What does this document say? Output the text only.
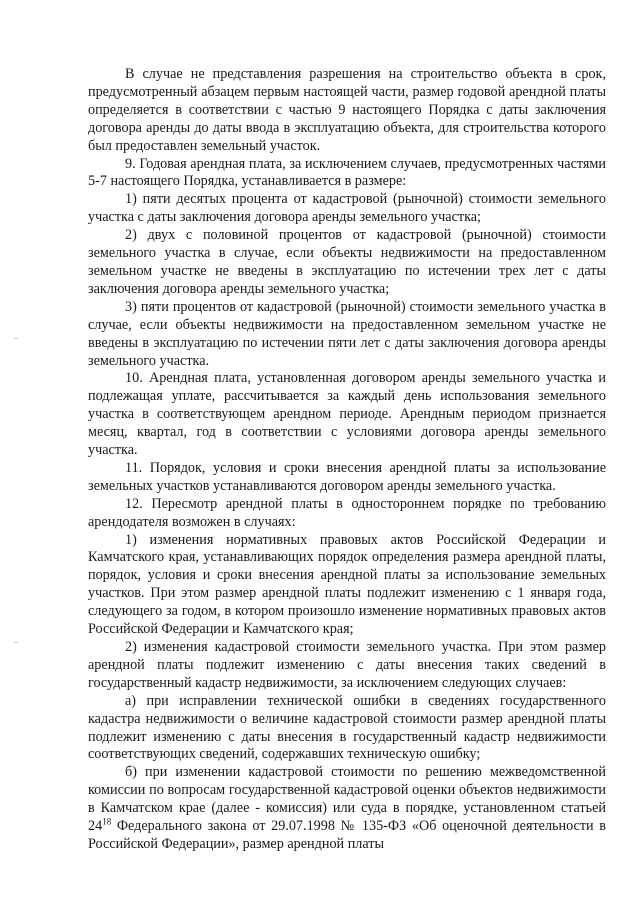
В случае не представления разрешения на строительство объекта в срок, предусмотренный абзацем первым настоящей части, размер годовой арендной платы определяется в соответствии с частью 9 настоящего Порядка с даты заключения договора аренды до даты ввода в эксплуатацию объекта, для строительства которого был предоставлен земельный участок.

9. Годовая арендная плата, за исключением случаев, предусмотренных частями 5-7 настоящего Порядка, устанавливается в размере:

1) пяти десятых процента от кадастровой (рыночной) стоимости земельного участка с даты заключения договора аренды земельного участка;

2) двух с половиной процентов от кадастровой (рыночной) стоимости земельного участка в случае, если объекты недвижимости на предоставленном земельном участке не введены в эксплуатацию по истечении трех лет с даты заключения договора аренды земельного участка;

3) пяти процентов от кадастровой (рыночной) стоимости земельного участка в случае, если объекты недвижимости на предоставленном земельном участке не введены в эксплуатацию по истечении пяти лет с даты заключения договора аренды земельного участка.

10. Арендная плата, установленная договором аренды земельного участка и подлежащая уплате, рассчитывается за каждый день использования земельного участка в соответствующем арендном периоде. Арендным периодом признается месяц, квартал, год в соответствии с условиями договора аренды земельного участка.

11. Порядок, условия и сроки внесения арендной платы за использование земельных участков устанавливаются договором аренды земельного участка.

12. Пересмотр арендной платы в одностороннем порядке по требованию арендодателя возможен в случаях:

1) изменения нормативных правовых актов Российской Федерации и Камчатского края, устанавливающих порядок определения размера арендной платы, порядок, условия и сроки внесения арендной платы за использование земельных участков. При этом размер арендной платы подлежит изменению с 1 января года, следующего за годом, в котором произошло изменение нормативных правовых актов Российской Федерации и Камчатского края;

2) изменения кадастровой стоимости земельного участка. При этом размер арендной платы подлежит изменению с даты внесения таких сведений в государственный кадастр недвижимости, за исключением следующих случаев:

а) при исправлении технической ошибки в сведениях государственного кадастра недвижимости о величине кадастровой стоимости размер арендной платы подлежит изменению с даты внесения в государственный кадастр недвижимости соответствующих сведений, содержавших техническую ошибку;

б) при изменении кадастровой стоимости по решению межведомственной комиссии по вопросам государственной кадастровой оценки объектов недвижимости в Камчатском крае (далее - комиссия) или суда в порядке, установленном статьей $24^{18}$ Федерального закона от 29.07.1998 № 135-ФЗ «Об оценочной деятельности в Российской Федерации», размер арендной платы
